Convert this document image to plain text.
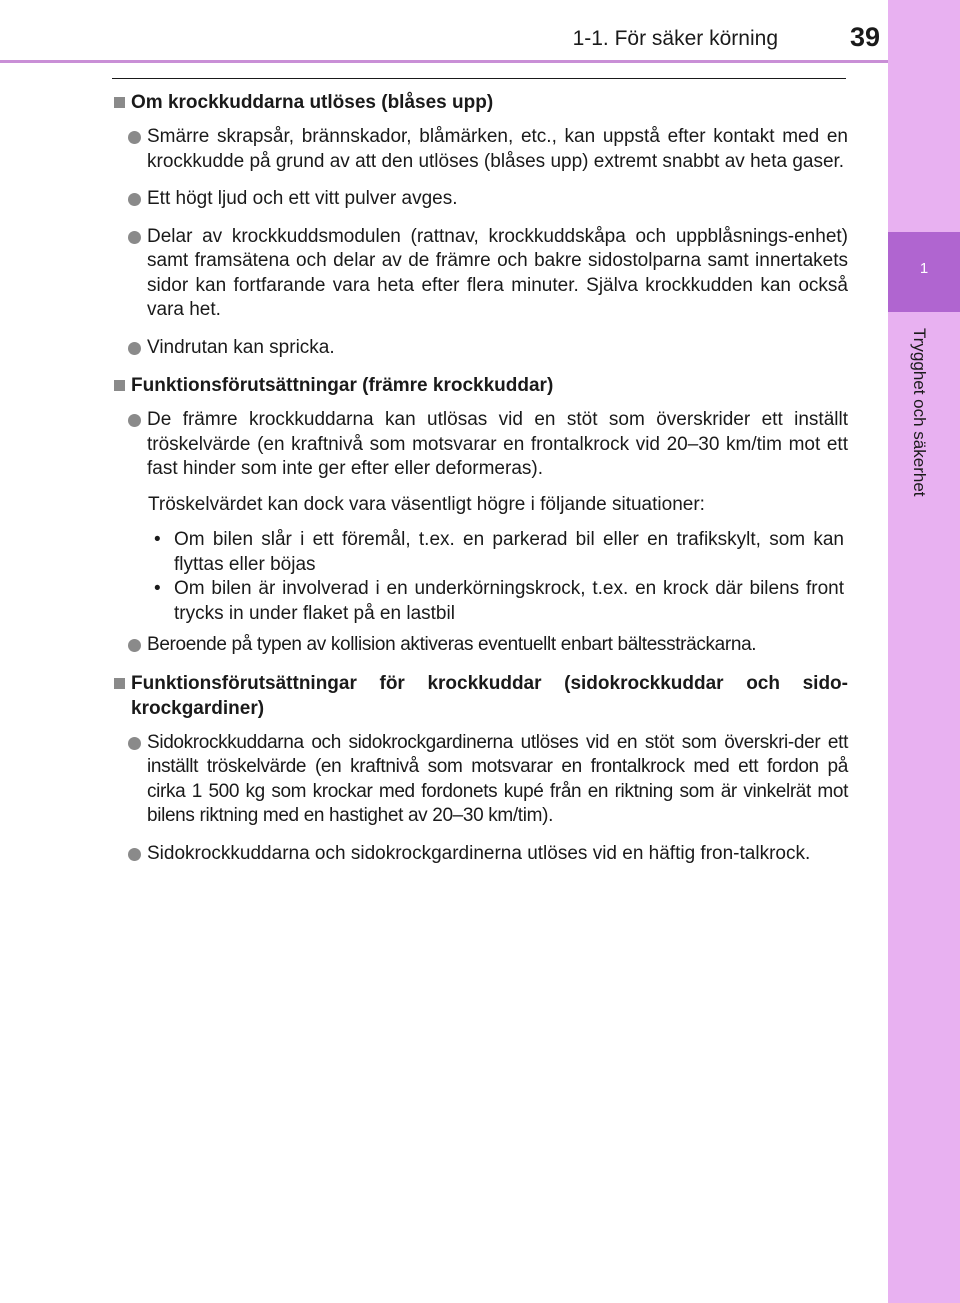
1-1. För säker körning	39
1
Trygghet och säkerhet
Om krockkuddarna utlöses (blåses upp)
Smärre skrapsår, brännskador, blåmärken, etc., kan uppstå efter kontakt med en krockkudde på grund av att den utlöses (blåses upp) extremt snabbt av heta gaser.
Ett högt ljud och ett vitt pulver avges.
Delar av krockkuddsmodulen (rattnav, krockkuddskåpa och uppblåsnings-enhet) samt framsätena och delar av de främre och bakre sidostolparna samt innertakets sidor kan fortfarande vara heta efter flera minuter. Själva krockkudden kan också vara het.
Vindrutan kan spricka.
Funktionsförutsättningar (främre krockkuddar)
De främre krockkuddarna kan utlösas vid en stöt som överskrider ett inställt tröskelvärde (en kraftnivå som motsvarar en frontalkrock vid 20–30 km/tim mot ett fast hinder som inte ger efter eller deformeras).
Tröskelvärdet kan dock vara väsentligt högre i följande situationer:
• Om bilen slår i ett föremål, t.ex. en parkerad bil eller en trafikskylt, som kan flyttas eller böjas
• Om bilen är involverad i en underkörningskrock, t.ex. en krock där bilens front trycks in under flaket på en lastbil
Beroende på typen av kollision aktiveras eventuellt enbart bältessträckarna.
Funktionsförutsättningar för krockkuddar (sidokrockkuddar och sido-krockgardiner)
Sidokrockkuddarna och sidokrockgardinerna utlöses vid en stöt som överskri-der ett inställt tröskelvärde (en kraftnivå som motsvarar en frontalkrock med ett fordon på cirka 1 500 kg som krockar med fordonets kupé från en riktning som är vinkelrät mot bilens riktning med en hastighet av 20–30 km/tim).
Sidokrockkuddarna och sidokrockgardinerna utlöses vid en häftig fron-talkrock.
